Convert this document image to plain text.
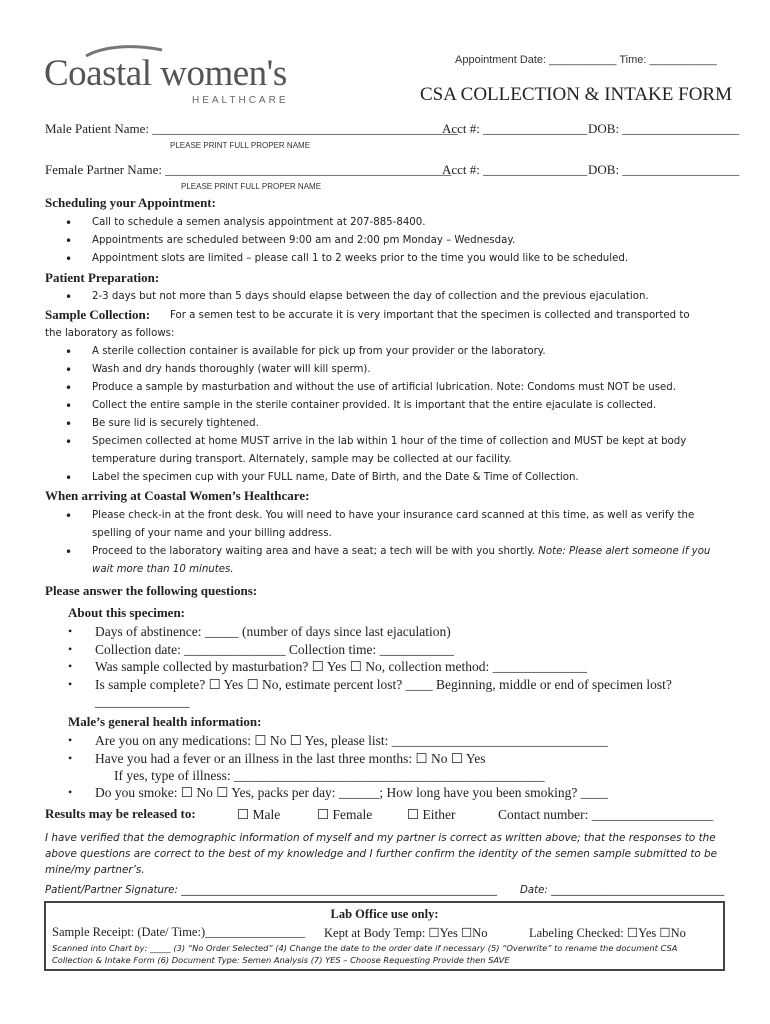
Coastal women's
HEALTHCARE
Appointment Date: ___________ Time: ___________
CSA COLLECTION & INTAKE FORM
Male Patient Name: _______________________________________________
Acct #: ________________ DOB: __________________
PLEASE PRINT FULL PROPER NAME
Female Partner Name: ____________________________________________
Acct #: ________________ DOB: __________________
PLEASE PRINT FULL PROPER NAME
Scheduling your Appointment:
• Call to schedule a semen analysis appointment at 207-885-8400.
• Appointments are scheduled between 9:00 am and 2:00 pm Monday – Wednesday.
• Appointment slots are limited – please call 1 to 2 weeks prior to the time you would like to be scheduled.
Patient Preparation:
• 2-3 days but not more than 5 days should elapse between the day of collection and the previous ejaculation.
Sample Collection: For a semen test to be accurate it is very important that the specimen is collected and transported to
the laboratory as follows:
• A sterile collection container is available for pick up from your provider or the laboratory.
• Wash and dry hands thoroughly (water will kill sperm).
• Produce a sample by masturbation and without the use of artificial lubrication. Note: Condoms must NOT be used.
• Collect the entire sample in the sterile container provided. It is important that the entire ejaculate is collected.
• Be sure lid is securely tightened.
• Specimen collected at home MUST arrive in the lab within 1 hour of the time of collection and MUST be kept at body temperature during transport. Alternately, sample may be collected at our facility.
• Label the specimen cup with your FULL name, Date of Birth, and the Date & Time of Collection.
When arriving at Coastal Women’s Healthcare:
• Please check-in at the front desk. You will need to have your insurance card scanned at this time, as well as verify the spelling of your name and your billing address.
• Proceed to the laboratory waiting area and have a seat; a tech will be with you shortly. Note: Please alert someone if you wait more than 10 minutes.
Please answer the following questions:
About this specimen:
• Days of abstinence: _____ (number of days since last ejaculation)
• Collection date: _______________ Collection time: ___________
• Was sample collected by masturbation? ☐ Yes ☐ No, collection method: ______________
• Is sample complete? ☐ Yes ☐ No, estimate percent lost? ____ Beginning, middle or end of specimen lost? ______________
Male’s general health information:
• Are you on any medications: ☐ No ☐ Yes, please list: ________________________________
• Have you had a fever or an illness in the last three months: ☐ No ☐ Yes
If yes, type of illness: ______________________________________________
• Do you smoke: ☐ No ☐ Yes, packs per day: ______; How long have you been smoking? ____
Results may be released to:	☐ Male	☐ Female	☐ Either	Contact number: __________________
I have verified that the demographic information of myself and my partner is correct as written above; that the responses to the above questions are correct to the best of my knowledge and I further confirm the identity of the semen sample submitted to be mine/my partner’s.
Patient/Partner Signature: ______________________________________________________________ Date: __________________________________
Lab Office use only:
Sample Receipt: (Date/ Time:)________________ Kept at Body Temp: ☐Yes ☐No	Labeling Checked: ☐Yes ☐No
Scanned into Chart by: _____ (3) “No Order Selected” (4) Change the date to the order date if necessary (5) “Overwrite” to rename the document CSA Collection & Intake Form (6) Document Type: Semen Analysis (7) YES – Choose Requesting Provide then SAVE
